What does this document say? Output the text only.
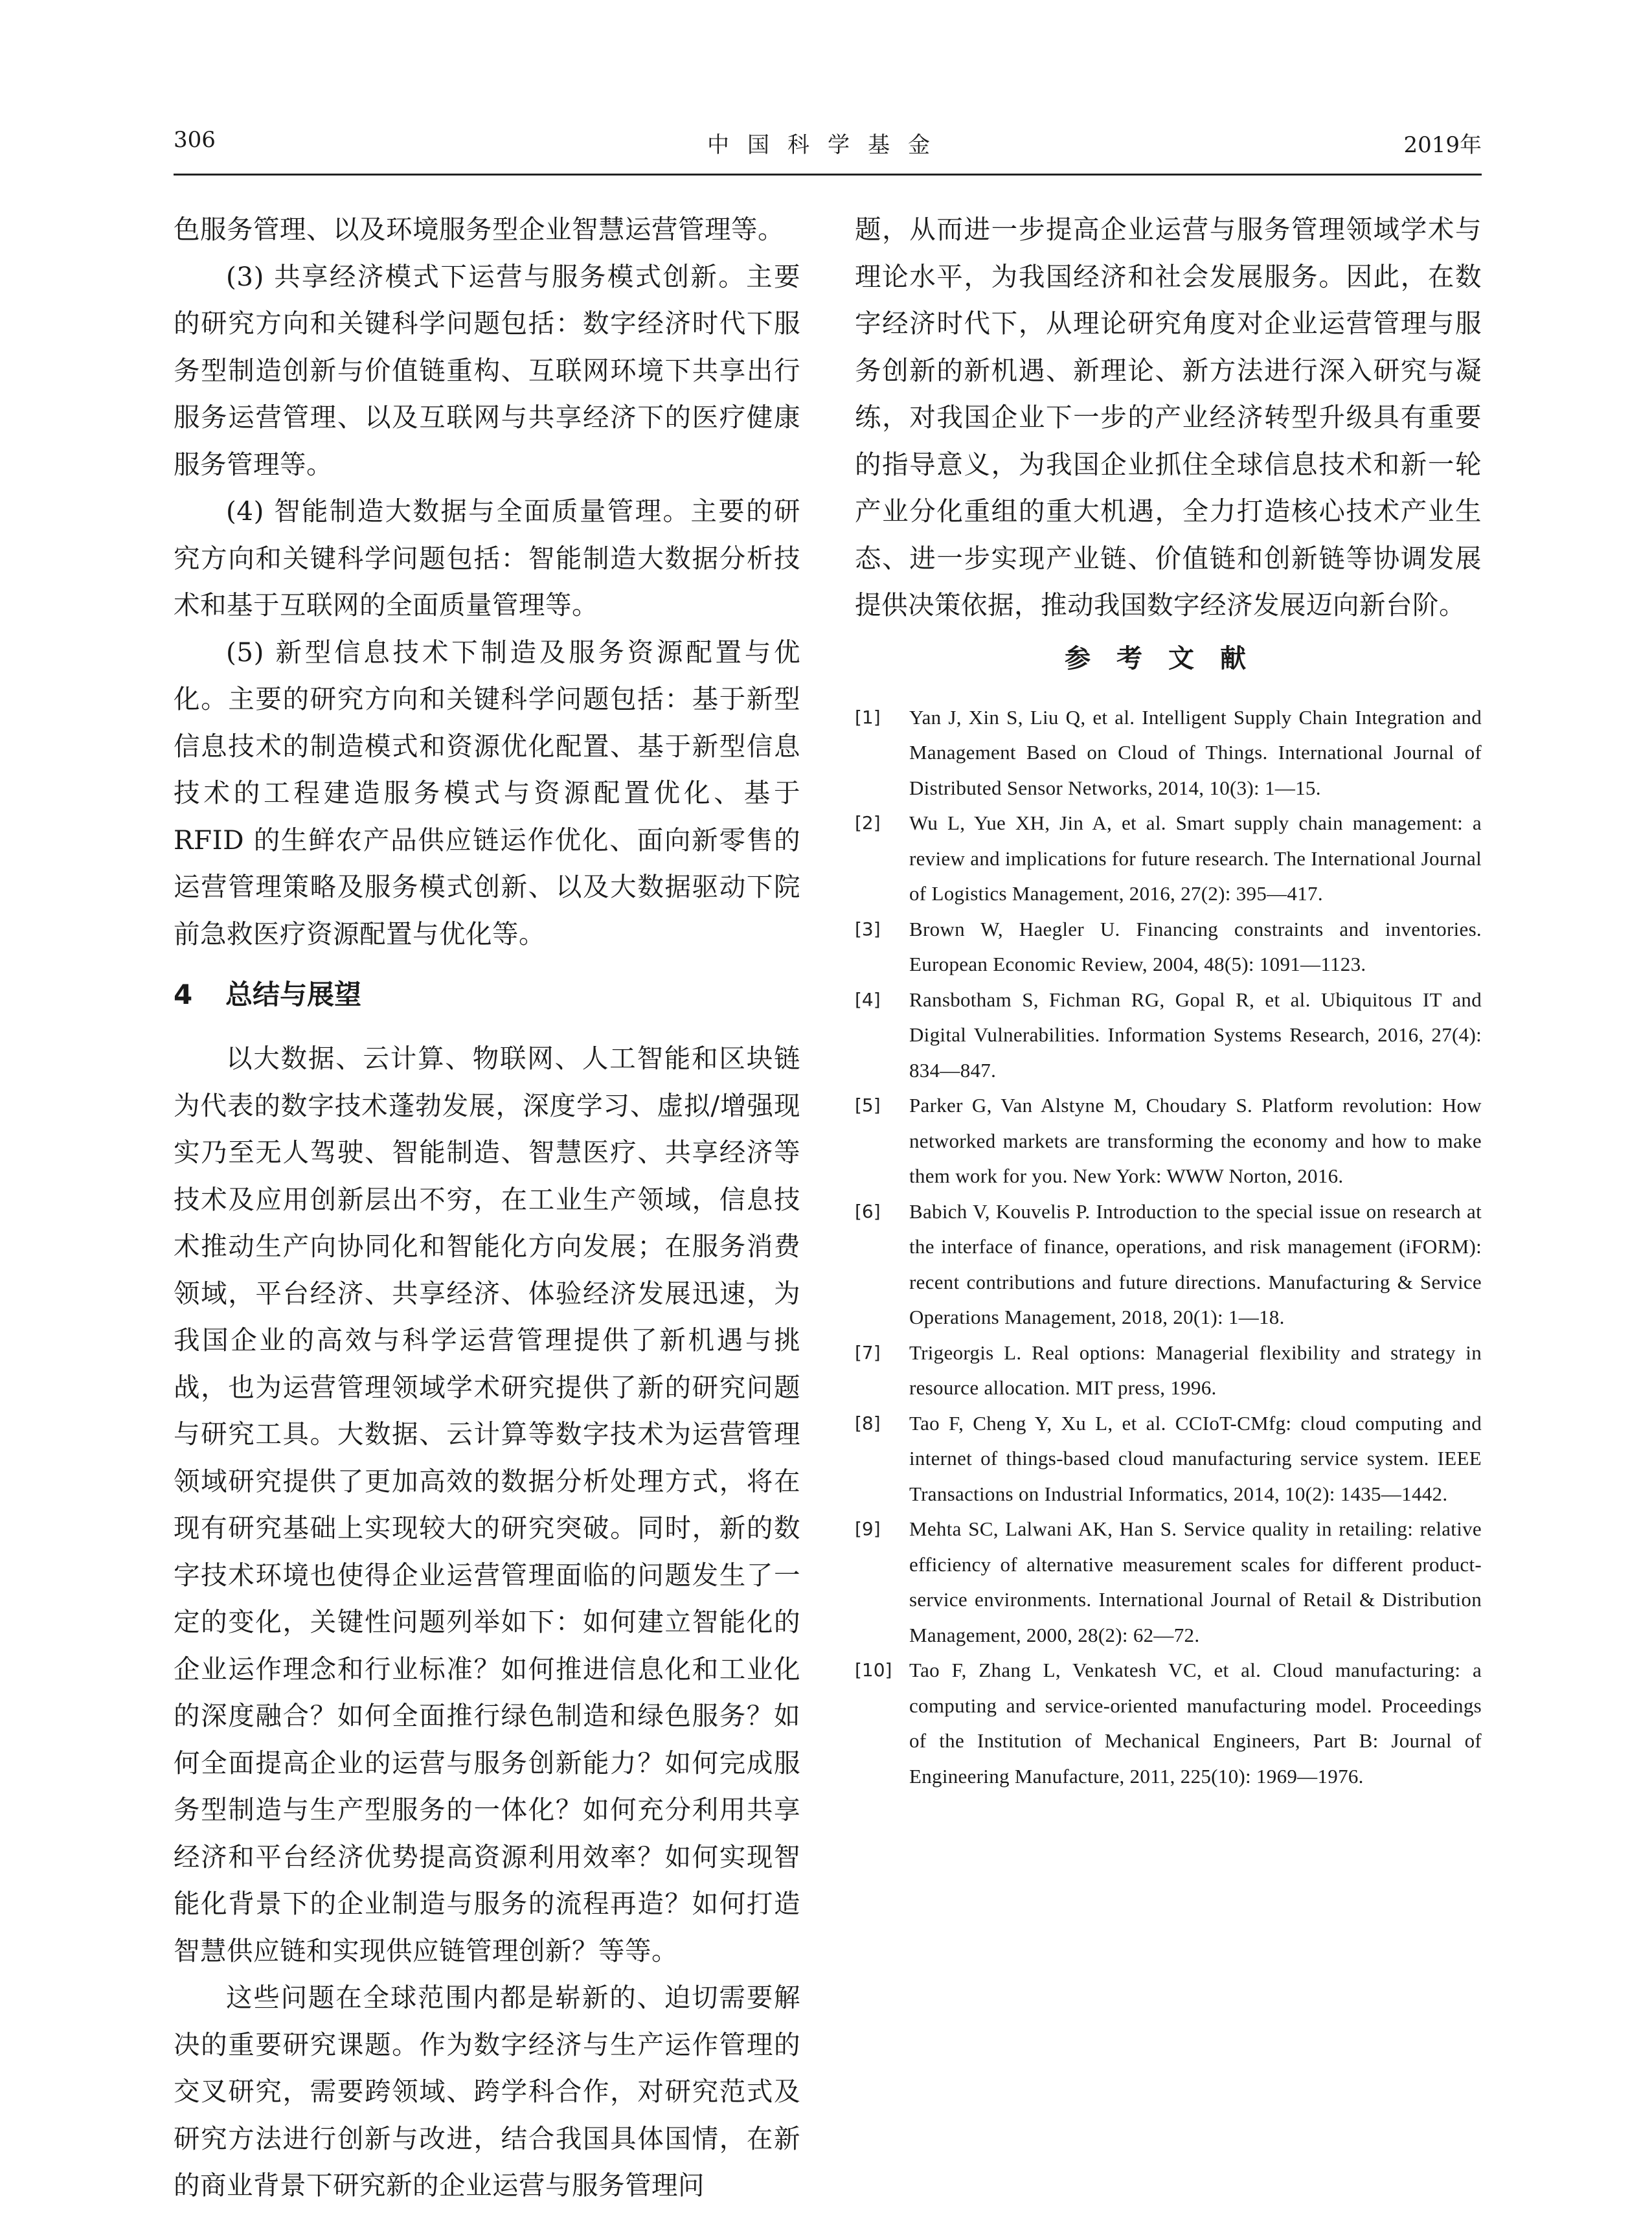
306	中国科学基金	2019年

色服务管理、以及环境服务型企业智慧运营管理等。

(3) 共享经济模式下运营与服务模式创新。主要的研究方向和关键科学问题包括：数字经济时代下服务型制造创新与价值链重构、互联网环境下共享出行服务运营管理、以及互联网与共享经济下的医疗健康服务管理等。

(4) 智能制造大数据与全面质量管理。主要的研究方向和关键科学问题包括：智能制造大数据分析技术和基于互联网的全面质量管理等。

(5) 新型信息技术下制造及服务资源配置与优化。主要的研究方向和关键科学问题包括：基于新型信息技术的制造模式和资源优化配置、基于新型信息技术的工程建造服务模式与资源配置优化、基于 RFID 的生鲜农产品供应链运作优化、面向新零售的运营管理策略及服务模式创新、以及大数据驱动下院前急救医疗资源配置与优化等。

4 总结与展望

以大数据、云计算、物联网、人工智能和区块链为代表的数字技术蓬勃发展，深度学习、虚拟/增强现实乃至无人驾驶、智能制造、智慧医疗、共享经济等技术及应用创新层出不穷，在工业生产领域，信息技术推动生产向协同化和智能化方向发展；在服务消费领域，平台经济、共享经济、体验经济发展迅速，为我国企业的高效与科学运营管理提供了新机遇与挑战，也为运营管理领域学术研究提供了新的研究问题与研究工具。大数据、云计算等数字技术为运营管理领域研究提供了更加高效的数据分析处理方式，将在现有研究基础上实现较大的研究突破。同时，新的数字技术环境也使得企业运营管理面临的问题发生了一定的变化，关键性问题列举如下：如何建立智能化的企业运作理念和行业标准？如何推进信息化和工业化的深度融合？如何全面推行绿色制造和绿色服务？如何全面提高企业的运营与服务创新能力？如何完成服务型制造与生产型服务的一体化？如何充分利用共享经济和平台经济优势提高资源利用效率？如何实现智能化背景下的企业制造与服务的流程再造？如何打造智慧供应链和实现供应链管理创新？等等。

这些问题在全球范围内都是崭新的、迫切需要解决的重要研究课题。作为数字经济与生产运作管理的交叉研究，需要跨领域、跨学科合作，对研究范式及研究方法进行创新与改进，结合我国具体国情，在新的商业背景下研究新的企业运营与服务管理问

题，从而进一步提高企业运营与服务管理领域学术与理论水平，为我国经济和社会发展服务。因此，在数字经济时代下，从理论研究角度对企业运营管理与服务创新的新机遇、新理论、新方法进行深入研究与凝练，对我国企业下一步的产业经济转型升级具有重要的指导意义，为我国企业抓住全球信息技术和新一轮产业分化重组的重大机遇，全力打造核心技术产业生态、进一步实现产业链、价值链和创新链等协调发展提供决策依据，推动我国数字经济发展迈向新台阶。

参考文献
[1]	Yan J, Xin S, Liu Q, et al. Intelligent Supply Chain Integration and Management Based on Cloud of Things. International Journal of Distributed Sensor Networks, 2014, 10(3): 1—15.
[2]	Wu L, Yue XH, Jin A, et al. Smart supply chain management: a review and implications for future research. The International Journal of Logistics Management, 2016, 27(2): 395—417.
[3]	Brown W, Haegler U. Financing constraints and inventories. European Economic Review, 2004, 48(5): 1091—1123.
[4]	Ransbotham S, Fichman RG, Gopal R, et al. Ubiquitous IT and Digital Vulnerabilities. Information Systems Research, 2016, 27(4): 834—847.
[5]	Parker G, Van Alstyne M, Choudary S. Platform revolution: How networked markets are transforming the economy and how to make them work for you. New York: WWW Norton, 2016.
[6]	Babich V, Kouvelis P. Introduction to the special issue on research at the interface of finance, operations, and risk management (iFORM): recent contributions and future directions. Manufacturing & Service Operations Management, 2018, 20(1): 1—18.
[7]	Trigeorgis L. Real options: Managerial flexibility and strategy in resource allocation. MIT press, 1996.
[8]	Tao F, Cheng Y, Xu L, et al. CCIoT-CMfg: cloud computing and internet of things-based cloud manufacturing service system. IEEE Transactions on Industrial Informatics, 2014, 10(2): 1435—1442.
[9]	Mehta SC, Lalwani AK, Han S. Service quality in retailing: relative efficiency of alternative measurement scales for different product-service environments. International Journal of Retail & Distribution Management, 2000, 28(2): 62—72.
[10] Tao F, Zhang L, Venkatesh VC, et al. Cloud manufacturing: a computing and service-oriented manufacturing model. Proceedings of the Institution of Mechanical Engineers, Part B: Journal of Engineering Manufacture, 2011, 225(10): 1969—1976.
